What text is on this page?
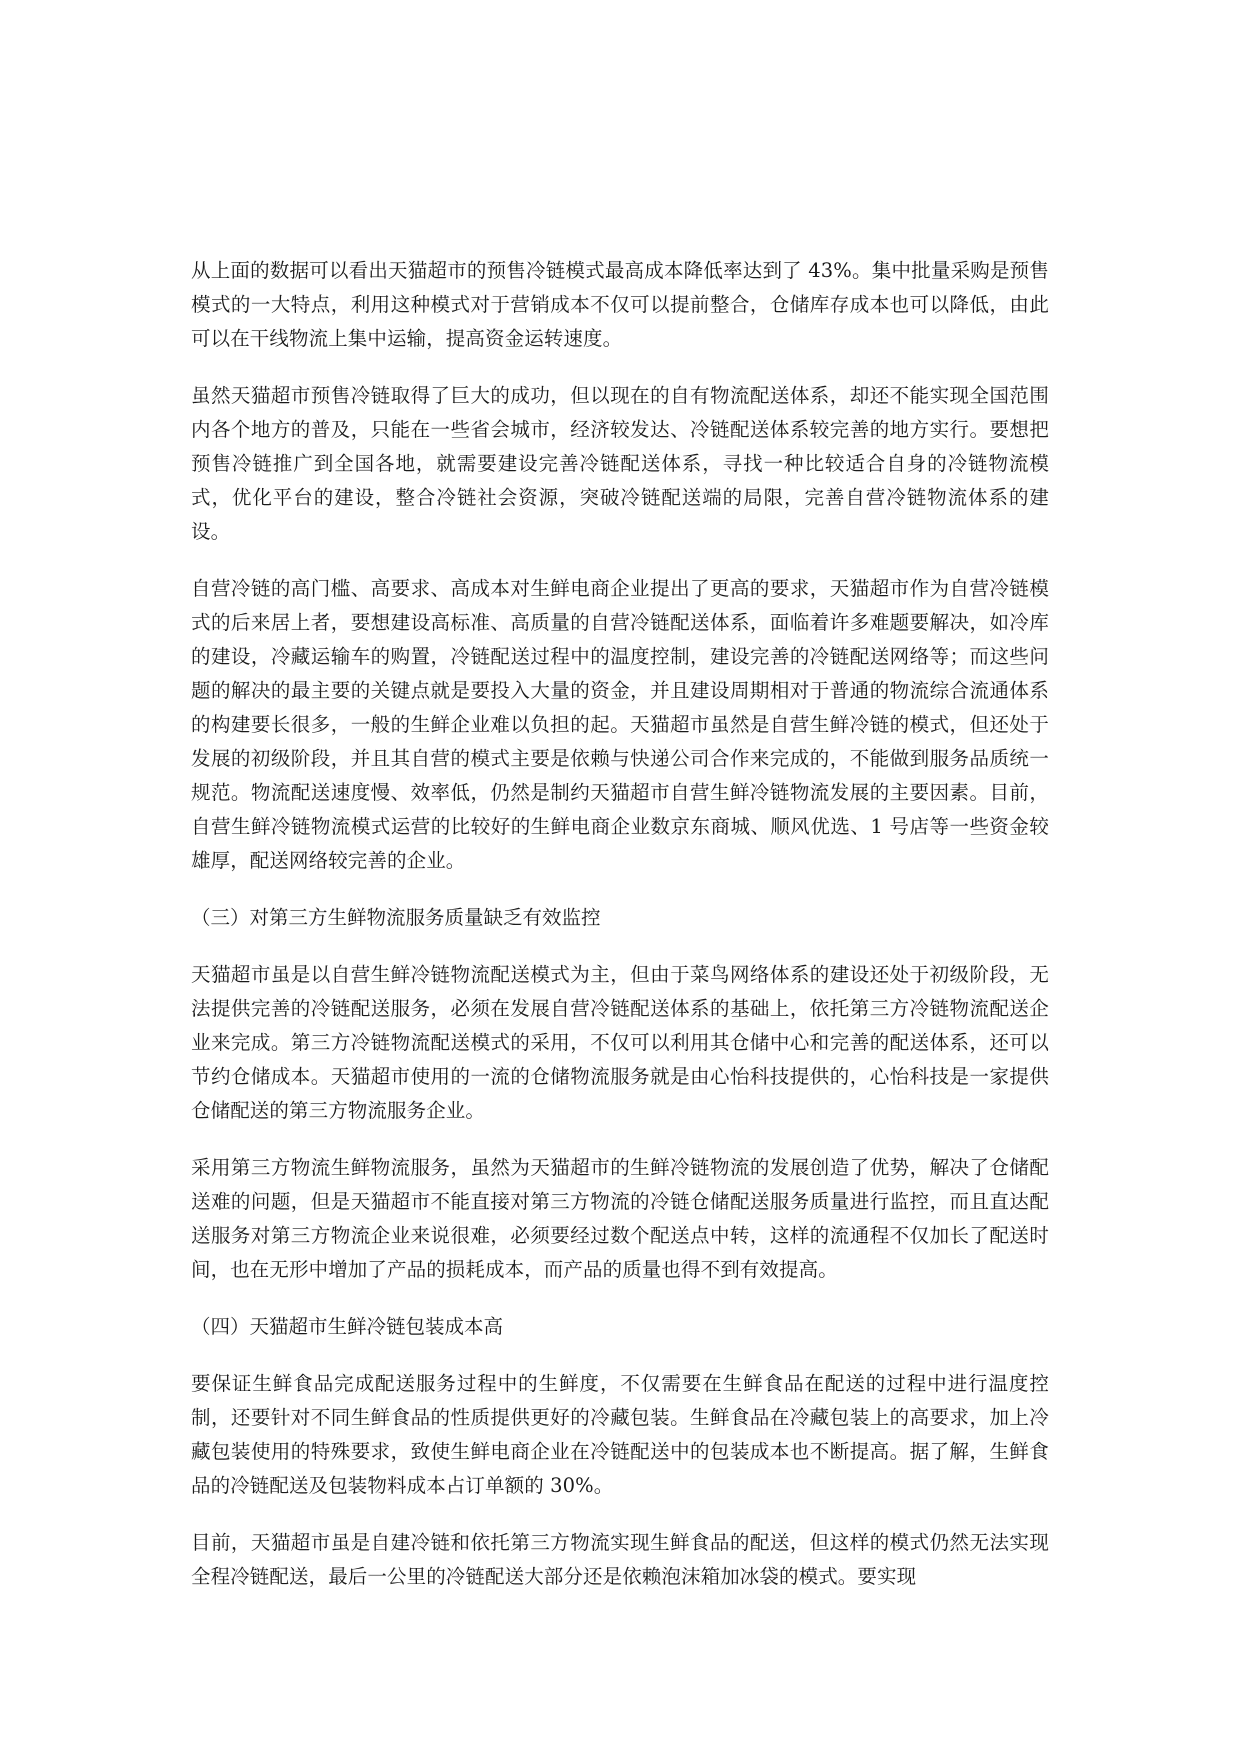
从上面的数据可以看出天猫超市的预售冷链模式最高成本降低率达到了 43%。集中批量采购是预售模式的一大特点，利用这种模式对于营销成本不仅可以提前整合，仓储库存成本也可以降低，由此可以在干线物流上集中运输，提高资金运转速度。

虽然天猫超市预售冷链取得了巨大的成功，但以现在的自有物流配送体系，却还不能实现全国范围内各个地方的普及，只能在一些省会城市，经济较发达、冷链配送体系较完善的地方实行。要想把预售冷链推广到全国各地，就需要建设完善冷链配送体系，寻找一种比较适合自身的冷链物流模式，优化平台的建设，整合冷链社会资源，突破冷链配送端的局限，完善自营冷链物流体系的建设。

自营冷链的高门槛、高要求、高成本对生鲜电商企业提出了更高的要求，天猫超市作为自营冷链模式的后来居上者，要想建设高标准、高质量的自营冷链配送体系，面临着许多难题要解决，如冷库的建设，冷藏运输车的购置，冷链配送过程中的温度控制，建设完善的冷链配送网络等；而这些问题的解决的最主要的关键点就是要投入大量的资金，并且建设周期相对于普通的物流综合流通体系的构建要长很多，一般的生鲜企业难以负担的起。天猫超市虽然是自营生鲜冷链的模式，但还处于发展的初级阶段，并且其自营的模式主要是依赖与快递公司合作来完成的，不能做到服务品质统一规范。物流配送速度慢、效率低，仍然是制约天猫超市自营生鲜冷链物流发展的主要因素。目前，自营生鲜冷链物流模式运营的比较好的生鲜电商企业数京东商城、顺风优选、1 号店等一些资金较雄厚，配送网络较完善的企业。

（三）对第三方生鲜物流服务质量缺乏有效监控

天猫超市虽是以自营生鲜冷链物流配送模式为主，但由于菜鸟网络体系的建设还处于初级阶段，无法提供完善的冷链配送服务，必须在发展自营冷链配送体系的基础上，依托第三方冷链物流配送企业来完成。第三方冷链物流配送模式的采用，不仅可以利用其仓储中心和完善的配送体系，还可以节约仓储成本。天猫超市使用的一流的仓储物流服务就是由心怡科技提供的，心怡科技是一家提供仓储配送的第三方物流服务企业。

采用第三方物流生鲜物流服务，虽然为天猫超市的生鲜冷链物流的发展创造了优势，解决了仓储配送难的问题，但是天猫超市不能直接对第三方物流的冷链仓储配送服务质量进行监控，而且直达配送服务对第三方物流企业来说很难，必须要经过数个配送点中转，这样的流通程不仅加长了配送时间，也在无形中增加了产品的损耗成本，而产品的质量也得不到有效提高。

（四）天猫超市生鲜冷链包装成本高

要保证生鲜食品完成配送服务过程中的生鲜度，不仅需要在生鲜食品在配送的过程中进行温度控制，还要针对不同生鲜食品的性质提供更好的冷藏包装。生鲜食品在冷藏包装上的高要求，加上冷藏包装使用的特殊要求，致使生鲜电商企业在冷链配送中的包装成本也不断提高。据了解，生鲜食品的冷链配送及包装物料成本占订单额的 30%。

目前，天猫超市虽是自建冷链和依托第三方物流实现生鲜食品的配送，但这样的模式仍然无法实现全程冷链配送，最后一公里的冷链配送大部分还是依赖泡沫箱加冰袋的模式。要实现
